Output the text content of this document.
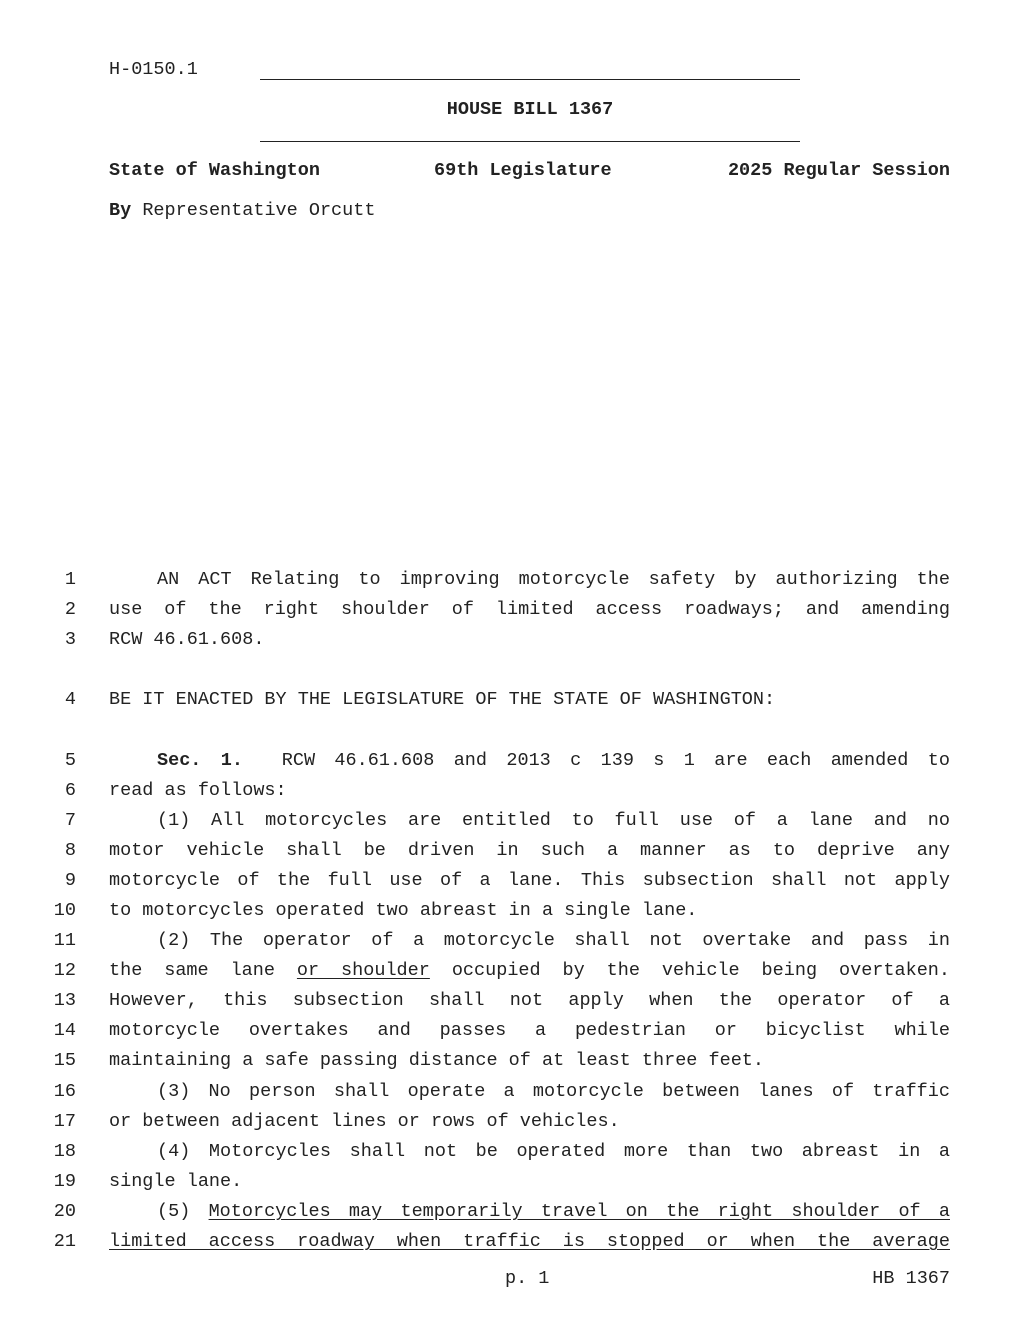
H-0150.1
HOUSE BILL 1367
State of Washington	69th Legislature	2025 Regular Session
By Representative Orcutt
1	AN ACT Relating to improving motorcycle safety by authorizing the
2 use of the right shoulder of limited access roadways; and amending
3 RCW 46.61.608.
4 BE IT ENACTED BY THE LEGISLATURE OF THE STATE OF WASHINGTON:
5	Sec. 1. RCW 46.61.608 and 2013 c 139 s 1 are each amended to
6 read as follows:
7	(1) All motorcycles are entitled to full use of a lane and no
8 motor vehicle shall be driven in such a manner as to deprive any
9 motorcycle of the full use of a lane. This subsection shall not apply
10 to motorcycles operated two abreast in a single lane.
11	(2) The operator of a motorcycle shall not overtake and pass in
12 the same lane or shoulder occupied by the vehicle being overtaken.
13 However, this subsection shall not apply when the operator of a
14 motorcycle overtakes and passes a pedestrian or bicyclist while
15 maintaining a safe passing distance of at least three feet.
16	(3) No person shall operate a motorcycle between lanes of traffic
17 or between adjacent lines or rows of vehicles.
18	(4) Motorcycles shall not be operated more than two abreast in a
19 single lane.
20	(5) Motorcycles may temporarily travel on the right shoulder of a
21 limited access roadway when traffic is stopped or when the average
p. 1	HB 1367
